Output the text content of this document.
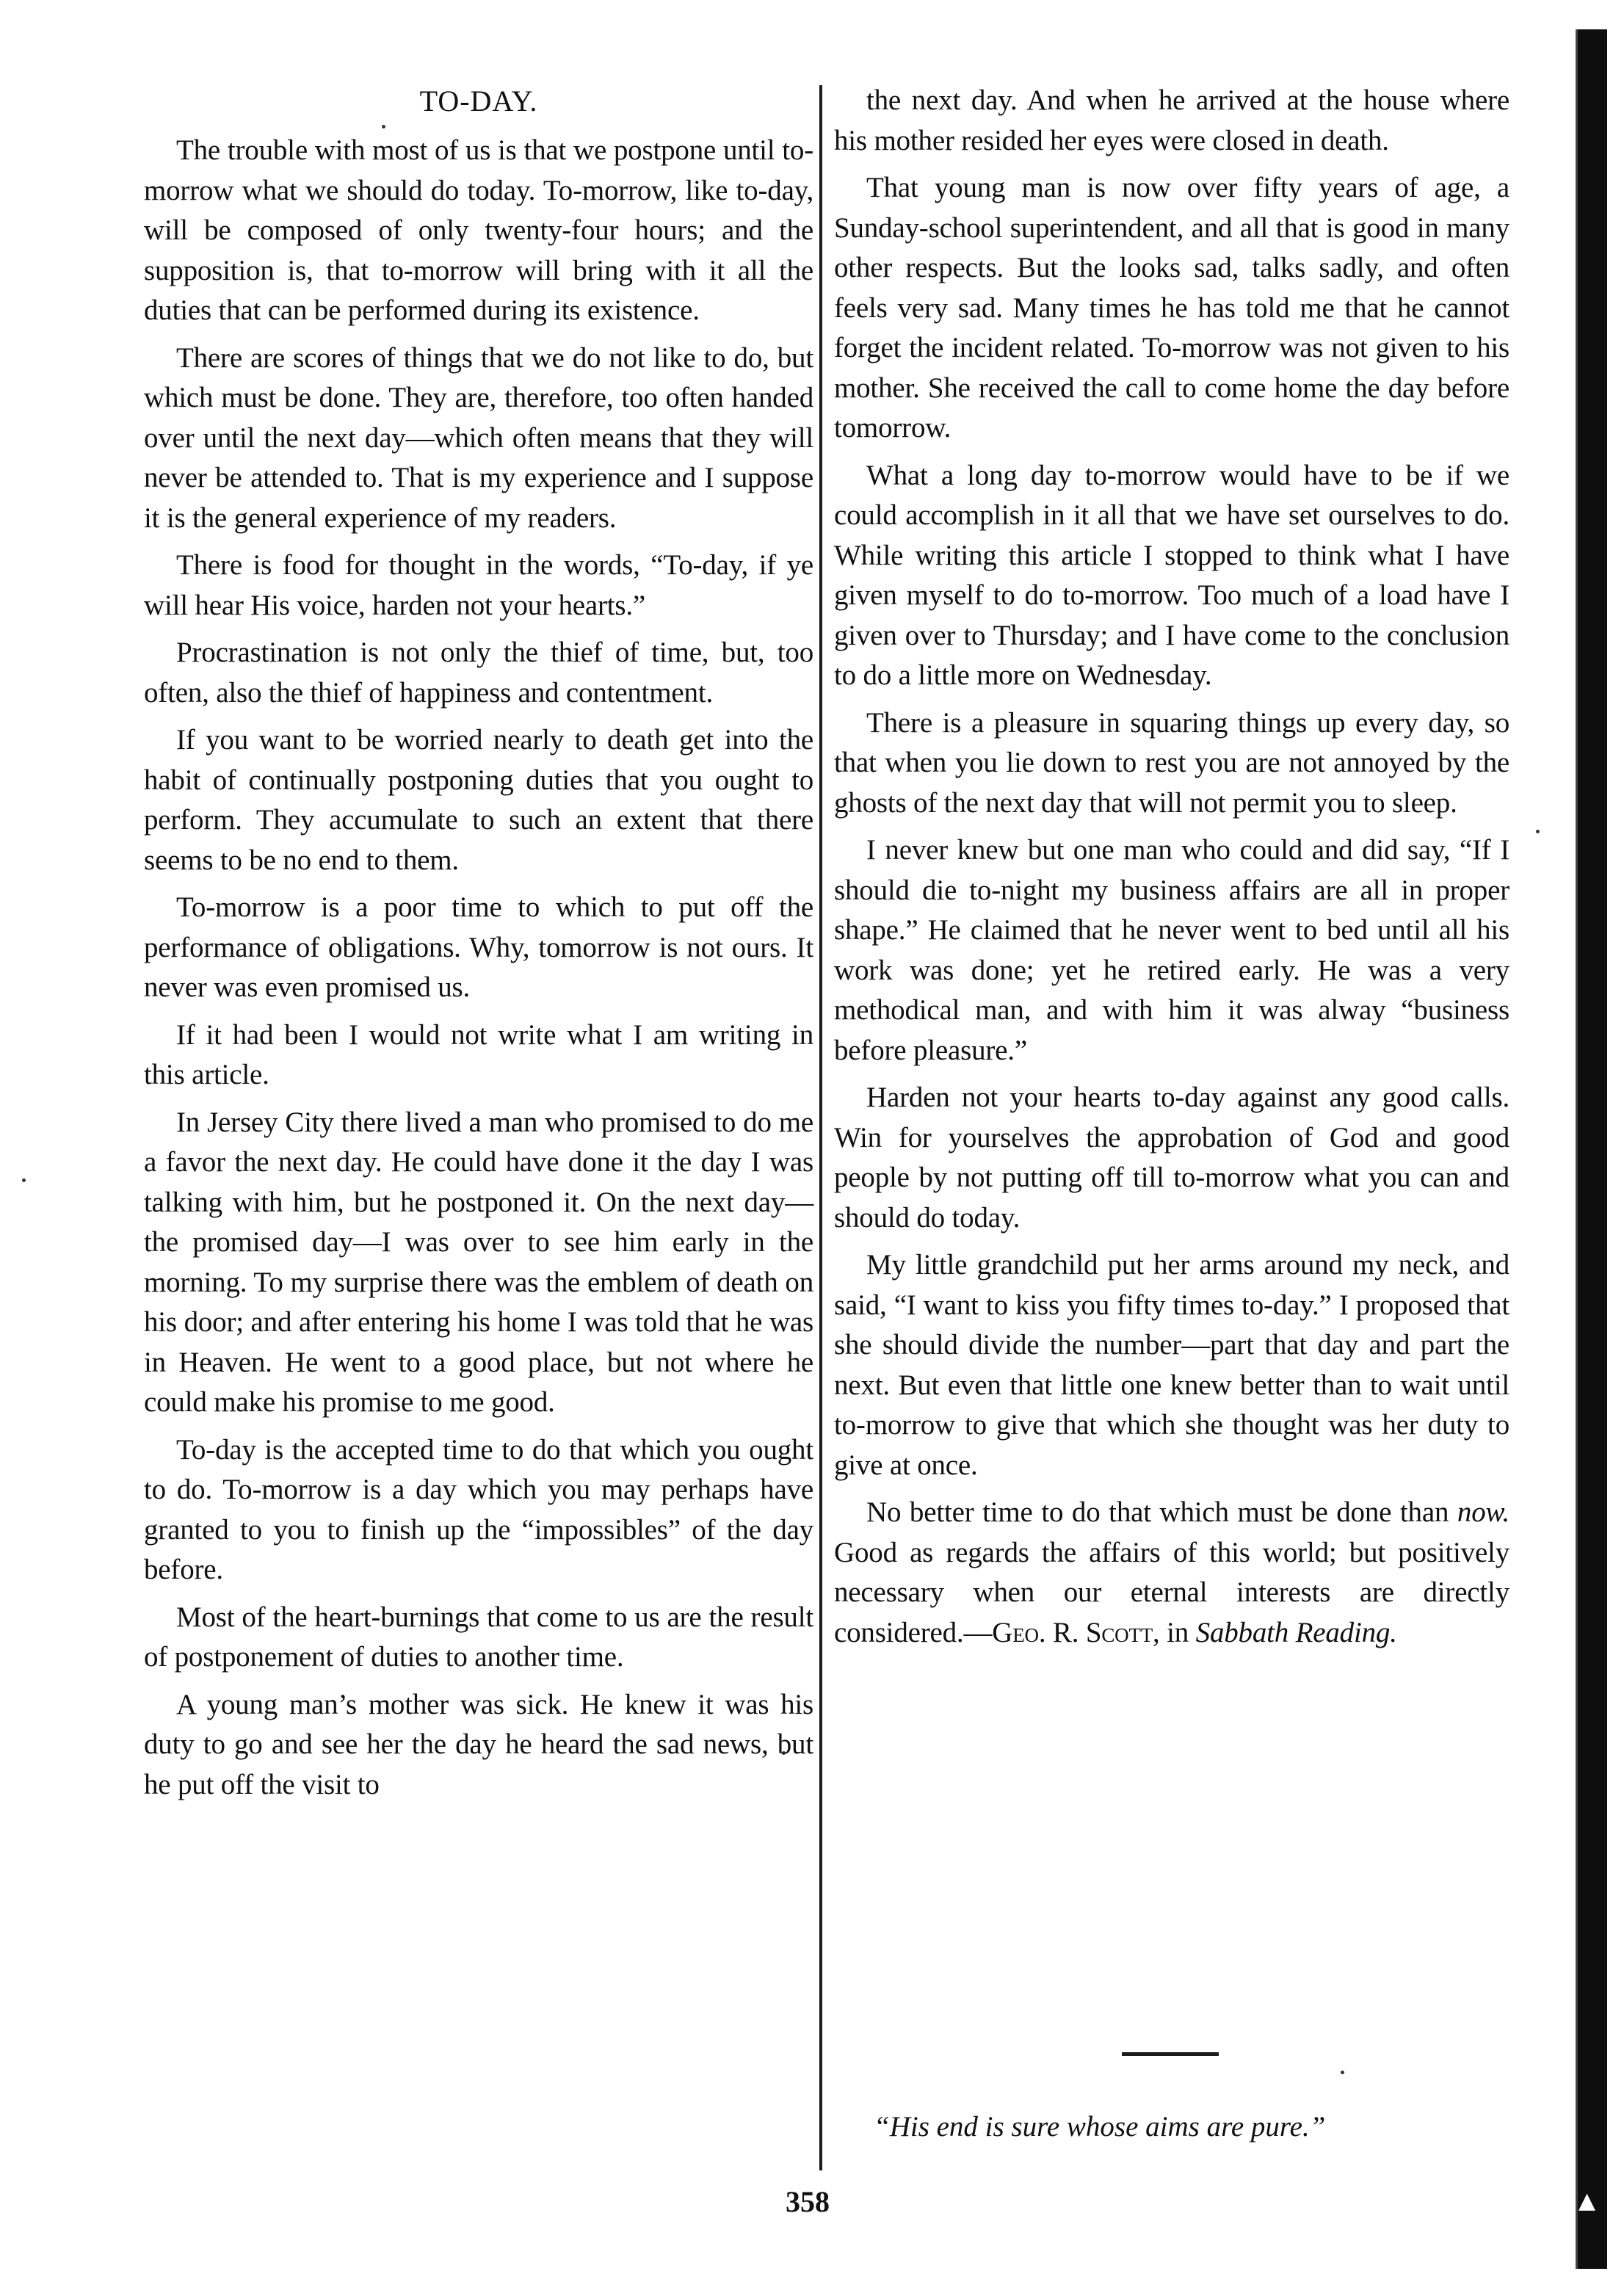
▲
TO-DAY.

The trouble with most of us is that we postpone until to-morrow what we should do today. To-morrow, like to-day, will be composed of only twenty-four hours; and the supposition is, that to-morrow will bring with it all the duties that can be performed during its existence.

There are scores of things that we do not like to do, but which must be done. They are, therefore, too often handed over until the next day—which often means that they will never be attended to. That is my experience and I suppose it is the general experience of my readers.

There is food for thought in the words, “To-day, if ye will hear His voice, harden not your hearts.”

Procrastination is not only the thief of time, but, too often, also the thief of happiness and contentment.

If you want to be worried nearly to death get into the habit of continually postponing duties that you ought to perform. They accumulate to such an extent that there seems to be no end to them.

To-morrow is a poor time to which to put off the performance of obligations. Why, tomorrow is not ours. It never was even promised us.

If it had been I would not write what I am writing in this article.

In Jersey City there lived a man who promised to do me a favor the next day. He could have done it the day I was talking with him, but he postponed it. On the next day—the promised day—I was over to see him early in the morning. To my surprise there was the emblem of death on his door; and after entering his home I was told that he was in Heaven. He went to a good place, but not where he could make his promise to me good.

To-day is the accepted time to do that which you ought to do. To-morrow is a day which you may perhaps have granted to you to finish up the “impossibles” of the day before.

Most of the heart-burnings that come to us are the result of postponement of duties to another time.

A young man’s mother was sick. He knew it was his duty to go and see her the day he heard the sad news, but he put off the visit to

the next day. And when he arrived at the house where his mother resided her eyes were closed in death.

That young man is now over fifty years of age, a Sunday-school superintendent, and all that is good in many other respects. But the looks sad, talks sadly, and often feels very sad. Many times he has told me that he cannot forget the incident related. To-morrow was not given to his mother. She received the call to come home the day before tomorrow.

What a long day to-morrow would have to be if we could accomplish in it all that we have set ourselves to do. While writing this article I stopped to think what I have given myself to do to-morrow. Too much of a load have I given over to Thursday; and I have come to the conclusion to do a little more on Wednesday.

There is a pleasure in squaring things up every day, so that when you lie down to rest you are not annoyed by the ghosts of the next day that will not permit you to sleep.

I never knew but one man who could and did say, “If I should die to-night my business affairs are all in proper shape.” He claimed that he never went to bed until all his work was done; yet he retired early. He was a very methodical man, and with him it was alway “business before pleasure.”

Harden not your hearts to-day against any good calls. Win for yourselves the approbation of God and good people by not putting off till to-morrow what you can and should do today.

My little grandchild put her arms around my neck, and said, “I want to kiss you fifty times to-day.” I proposed that she should divide the number—part that day and part the next. But even that little one knew better than to wait until to-morrow to give that which she thought was her duty to give at once.

No better time to do that which must be done than now. Good as regards the affairs of this world; but positively necessary when our eternal interests are directly considered.—Geo. R. Scott, in Sabbath Reading.

“His end is sure whose aims are pure.”
358
